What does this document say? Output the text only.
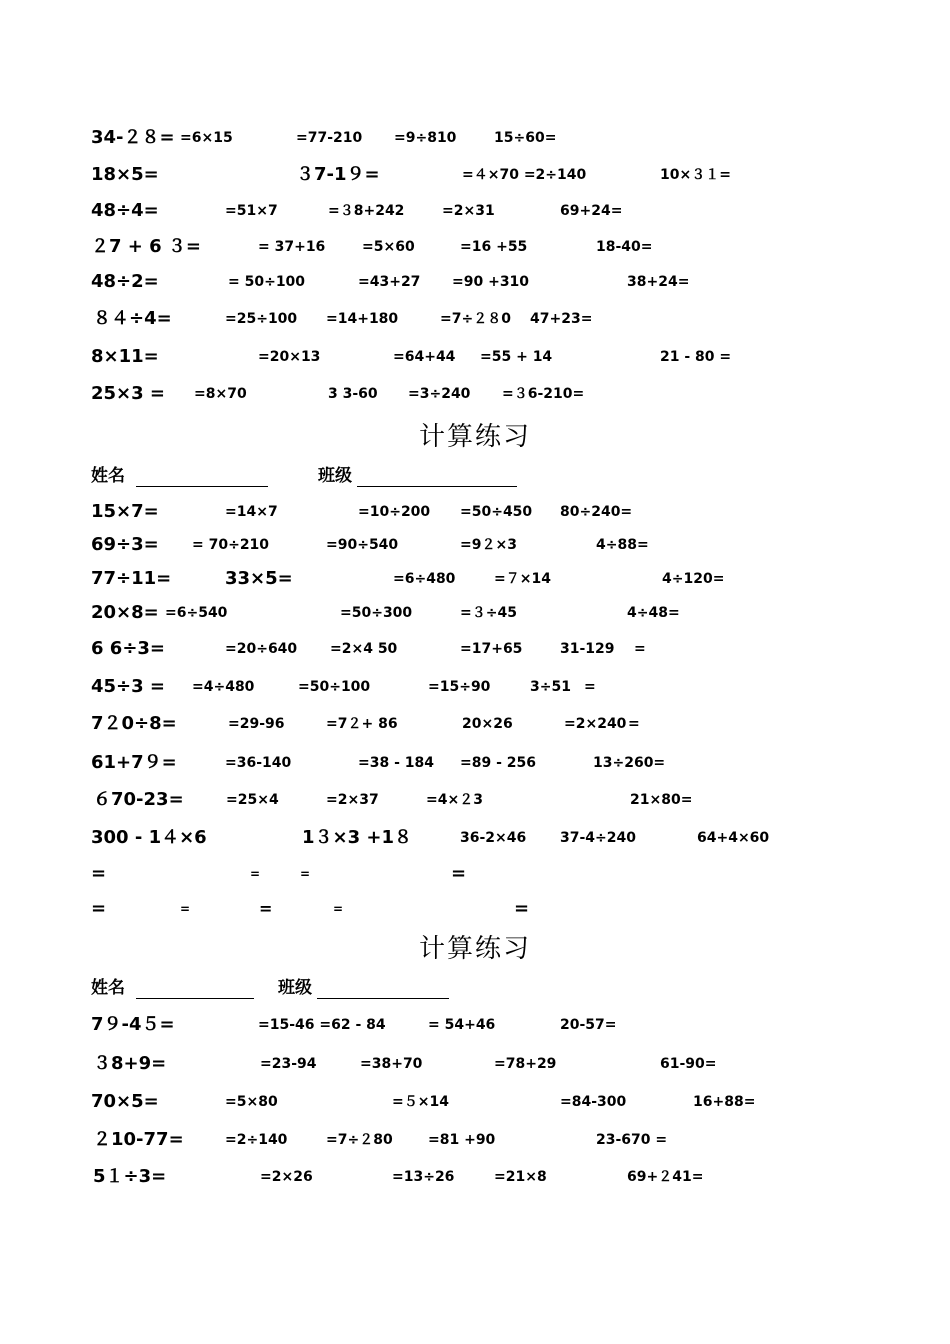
34-２８= =6×15	=77-210 =9÷810	15÷60=
18×5=	３7-1９=	=４×70 =2÷140	10×３１=
48÷4=	=51×7	=３8+242	=2×31	69+24=
２7 + 6 ３=	= 37+16	=5×60	=16 +55	18-40=
48÷2=	= 50÷100	=43+27 =90 +310	38+24=
８４÷4=	=25÷100 =14+180	=7÷２８0 47+23=
8×11=	=20×13	=64+44 =55 + 14	21 - 80 =
25×3 = =8×70	3 3-60 =3÷240 =３6-210=
计算练习
姓名	班级
15×7=	=14×7	=10÷200 =50÷450 80÷240=
69÷3= = 70÷210	=90÷540	=9２×3	4÷88=
77÷11=	33×5=	=6÷480	=７×14	4÷120=
20×8= =6÷540	=50÷300	=３÷45	4÷48=
6 6÷3=	=20÷640 =2×4 50	=17+65	31-129 =
45÷3 = =4÷480	=50÷100	=15÷90	3÷51 =
7２0÷8=	=29-96	=7２+ 86	20×26	=2×240 =
61+7９=	=36-140	=38 - 184 =89 - 256	13÷260=
６70-23=	=25×4	=2×37	=4×２3	21×80=
300 - 1４×6	1３×3 +1８	36-2×46 37-4÷240	64+4×60
=	=	=	=
=	=	=	=	=
计算练习
姓名	班级
7９-4５=	=15-46 =62 - 84	= 54+46	20-57=
３8+9=	=23-94	=38+70	=78+29	61-90=
70×5=	=5×80	=５×14	=84-300	16+88=
２10-77=	=2÷140	=7÷２80	=81 +90	23-670 =
5１÷3=	=2×26	=13÷26	=21×8	69+２41=
